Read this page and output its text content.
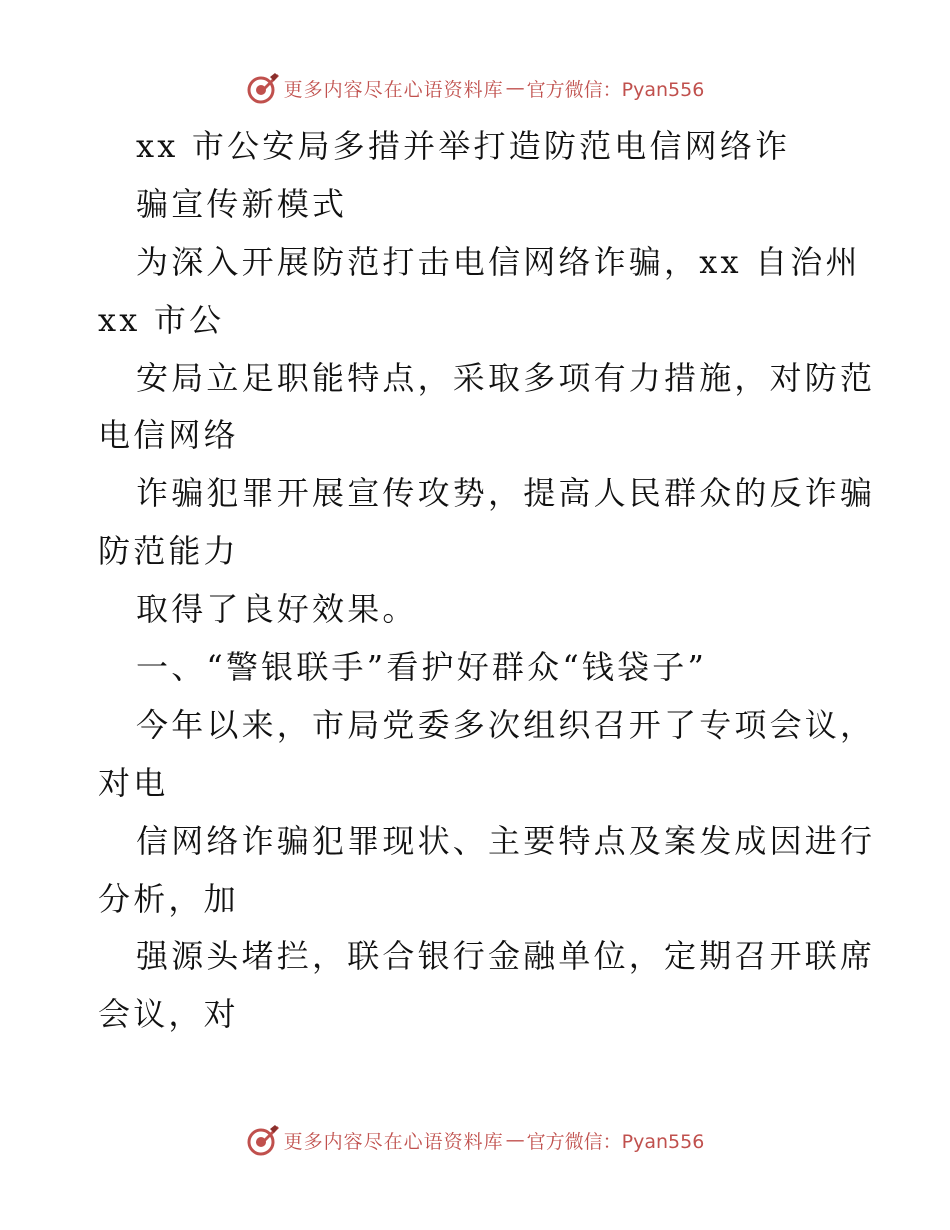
更多内容尽在心语资料库 — 官方微信：Pyan556
xx 市公安局多措并举打造防范电信网络诈
骗宣传新模式
为深入开展防范打击电信网络诈骗，xx 自治州
xx 市公
安局立足职能特点，采取多项有力措施，对防范
电信网络
诈骗犯罪开展宣传攻势，提高人民群众的反诈骗
防范能力
取得了良好效果。
一、“警银联手”看护好群众“钱袋子”
今年以来，市局党委多次组织召开了专项会议，
对电
信网络诈骗犯罪现状、主要特点及案发成因进行
分析，加
强源头堵拦，联合银行金融单位，定期召开联席
会议，对
更多内容尽在心语资料库 — 官方微信：Pyan556
